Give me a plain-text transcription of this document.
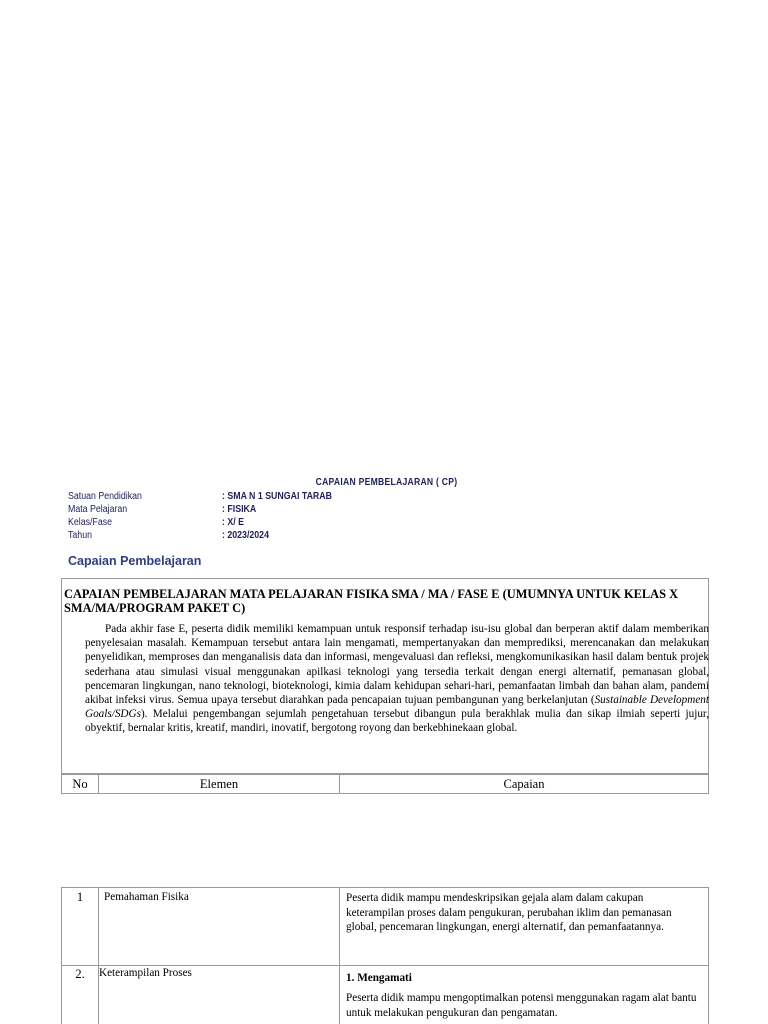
CAPAIAN PEMBELAJARAN ( CP)
Satuan Pendidikan	: SMA N 1 SUNGAI TARAB
Mata Pelajaran	: FISIKA
Kelas/Fase	: X/ E
Tahun	: 2023/2024
Capaian Pembelajaran
CAPAIAN PEMBELAJARAN MATA PELAJARAN FISIKA SMA / MA / FASE E (UMUMNYA UNTUK KELAS X SMA/MA/PROGRAM PAKET C)
Pada akhir fase E, peserta didik memiliki kemampuan untuk responsif terhadap isu-isu global dan berperan aktif dalam memberikan penyelesaian masalah. Kemampuan tersebut antara lain mengamati, mempertanyakan dan memprediksi, merencanakan dan melakukan penyelidikan, memproses dan menganalisis data dan informasi, mengevaluasi dan refleksi, mengkomunikasikan hasil dalam bentuk projek sederhana atau simulasi visual menggunakan apilkasi teknologi yang tersedia terkait dengan energi alternatif, pemanasan global, pencemaran lingkungan, nano teknologi, bioteknologi, kimia dalam kehidupan sehari-hari, pemanfaatan limbah dan bahan alam, pandemi akibat infeksi virus. Semua upaya tersebut diarahkan pada pencapaian tujuan pembangunan yang berkelanjutan (Sustainable Development Goals/SDGs). Melalui pengembangan sejumlah pengetahuan tersebut dibangun pula berakhlak mulia dan sikap ilmiah seperti jujur, obyektif, bernalar kritis, kreatif, mandiri, inovatif, bergotong royong dan berkebhinekaan global.
No	Elemen	Capaian
1	Pemahaman Fisika	Peserta didik mampu mendeskripsikan gejala alam dalam cakupan keterampilan proses dalam pengukuran, perubahan iklim dan pemanasan global, pencemaran lingkungan, energi alternatif, dan pemanfaatannya.
2.	Keterampilan Proses	1. Mengamati
Peserta didik mampu mengoptimalkan potensi menggunakan ragam alat bantu untuk melakukan pengukuran dan pengamatan.
